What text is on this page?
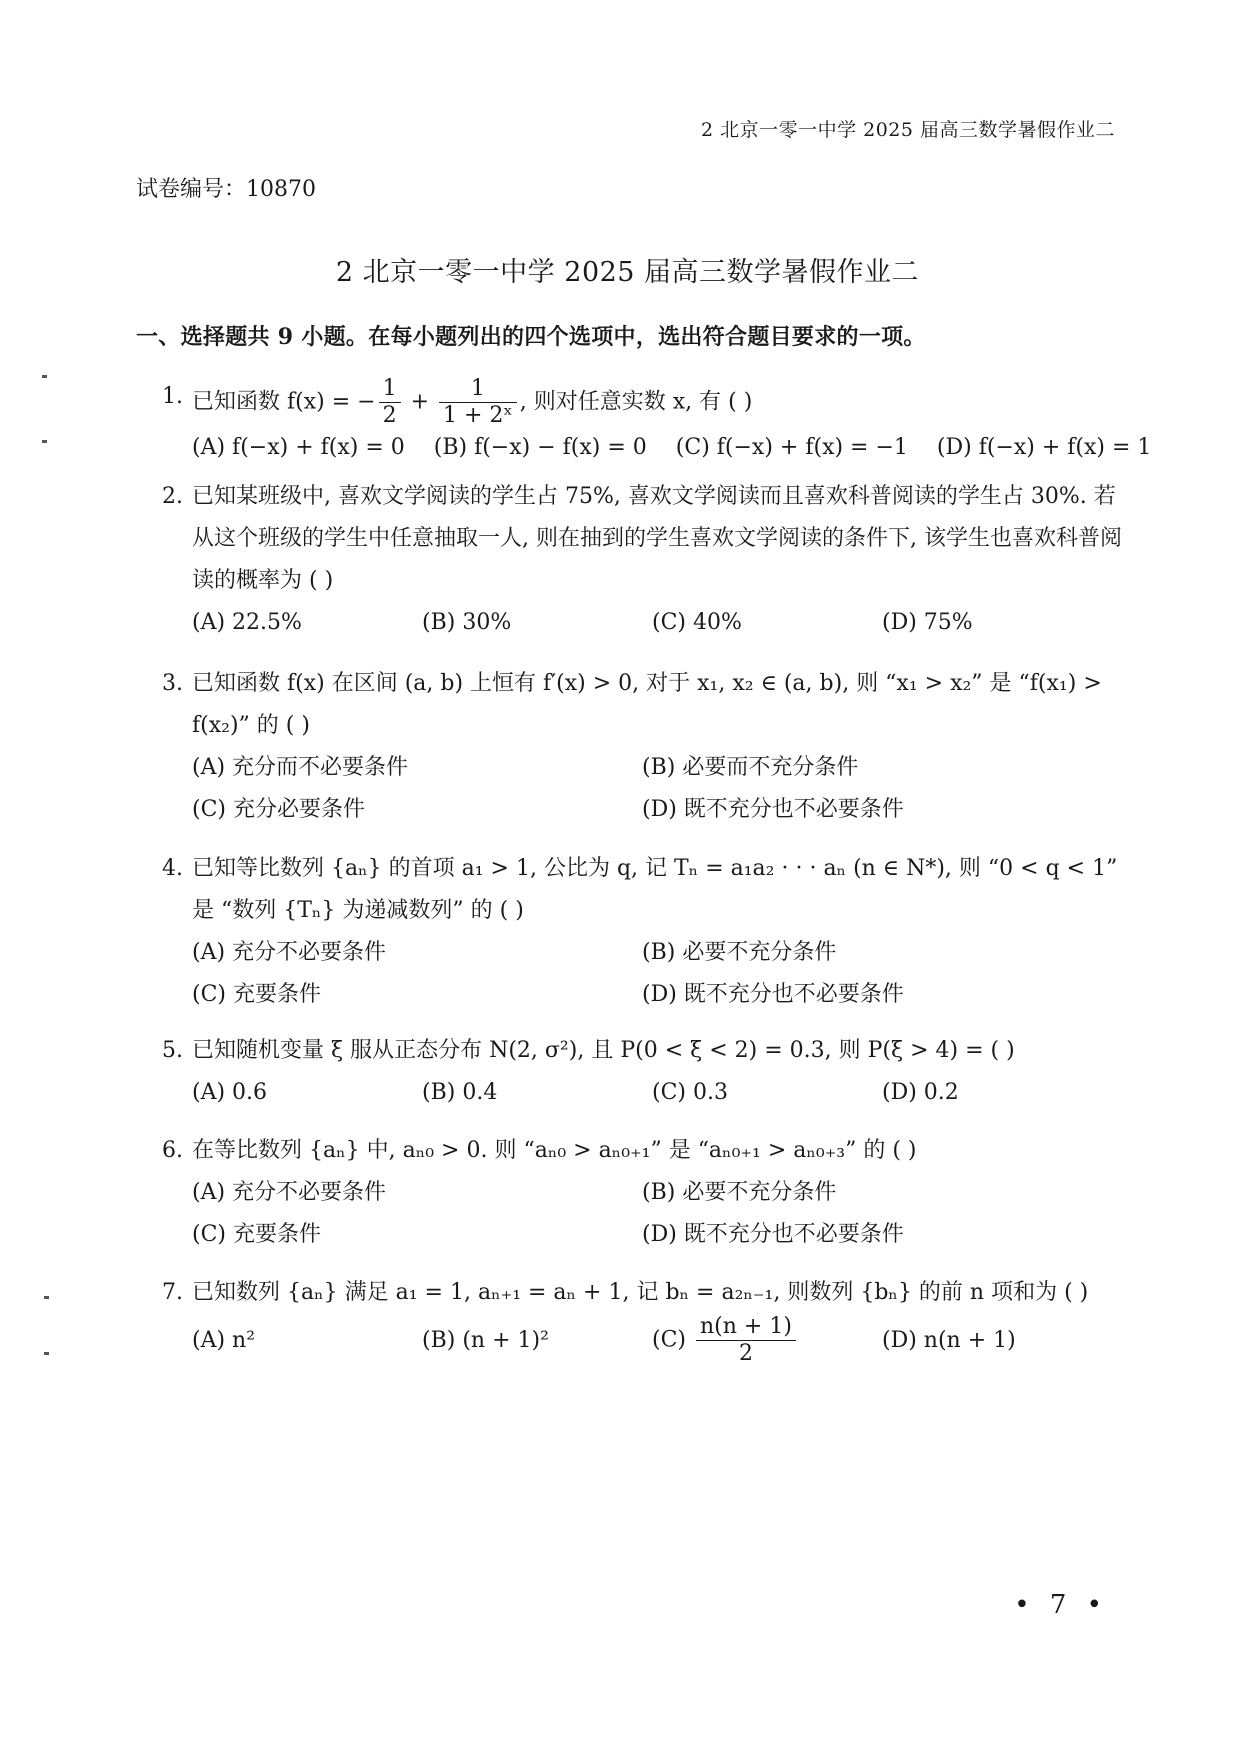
2 北京一零一中学 2025 届高三数学暑假作业二
试卷编号：10870
2 北京一零一中学 2025 届高三数学暑假作业二
一、选择题共 9 小题。在每小题列出的四个选项中，选出符合题目要求的一项。
1. 已知函数 f(x) = − $\frac{1}{2} + \frac{1}{\text{1 + 2ˣ}}$ , 则对任意实数 x, 有 ( )
(A) f(−x) + f(x) = 0 (B) f(−x) − f(x) = 0 (C) f(−x) + f(x) = −1 (D) f(−x) + f(x) = 1
2. 已知某班级中, 喜欢文学阅读的学生占 75%, 喜欢文学阅读而且喜欢科普阅读的学生占 30%. 若从这个班级的学生中任意抽取一人, 则在抽到的学生喜欢文学阅读的条件下, 该学生也喜欢科普阅读的概率为 ( )
(A) 22.5%	(B) 30%	(C) 40%	(D) 75%
3. 已知函数 f(x) 在区间 (a, b) 上恒有 f′(x) > 0, 对于 x₁, x₂ ∈ (a, b), 则 “x₁ > x₂” 是 “f(x₁) > f(x₂)” 的 ( )
(A) 充分而不必要条件	(B) 必要而不充分条件
(C) 充分必要条件	(D) 既不充分也不必要条件
4. 已知等比数列 {aₙ} 的首项 a₁ > 1, 公比为 q, 记 Tₙ = a₁a₂ · · · aₙ (n ∈ N*), 则 “0 < q < 1” 是 “数列 {Tₙ} 为递减数列” 的 ( )
(A) 充分不必要条件	(B) 必要不充分条件
(C) 充要条件	(D) 既不充分也不必要条件
5. 已知随机变量 ξ 服从正态分布 N(2, σ²), 且 P(0 < ξ < 2) = 0.3, 则 P(ξ > 4) = ( )
(A) 0.6	(B) 0.4	(C) 0.3	(D) 0.2
6. 在等比数列 {aₙ} 中, aₙ₀ > 0. 则 “aₙ₀ > aₙ₀₊₁” 是 “aₙ₀₊₁ > aₙ₀₊₃” 的 ( )
(A) 充分不必要条件	(B) 必要不充分条件
(C) 充要条件	(D) 既不充分也不必要条件
7. 已知数列 {aₙ} 满足 a₁ = 1, aₙ₊₁ = aₙ + 1, 记 bₙ = a₂ₙ₋₁, 则数列 {bₙ} 的前 n 项和为 ( )
(A) n²	(B) (n + 1)²	$(C) \frac{n(n + 1)}{2}$	(D) n(n + 1)
• 7 •
